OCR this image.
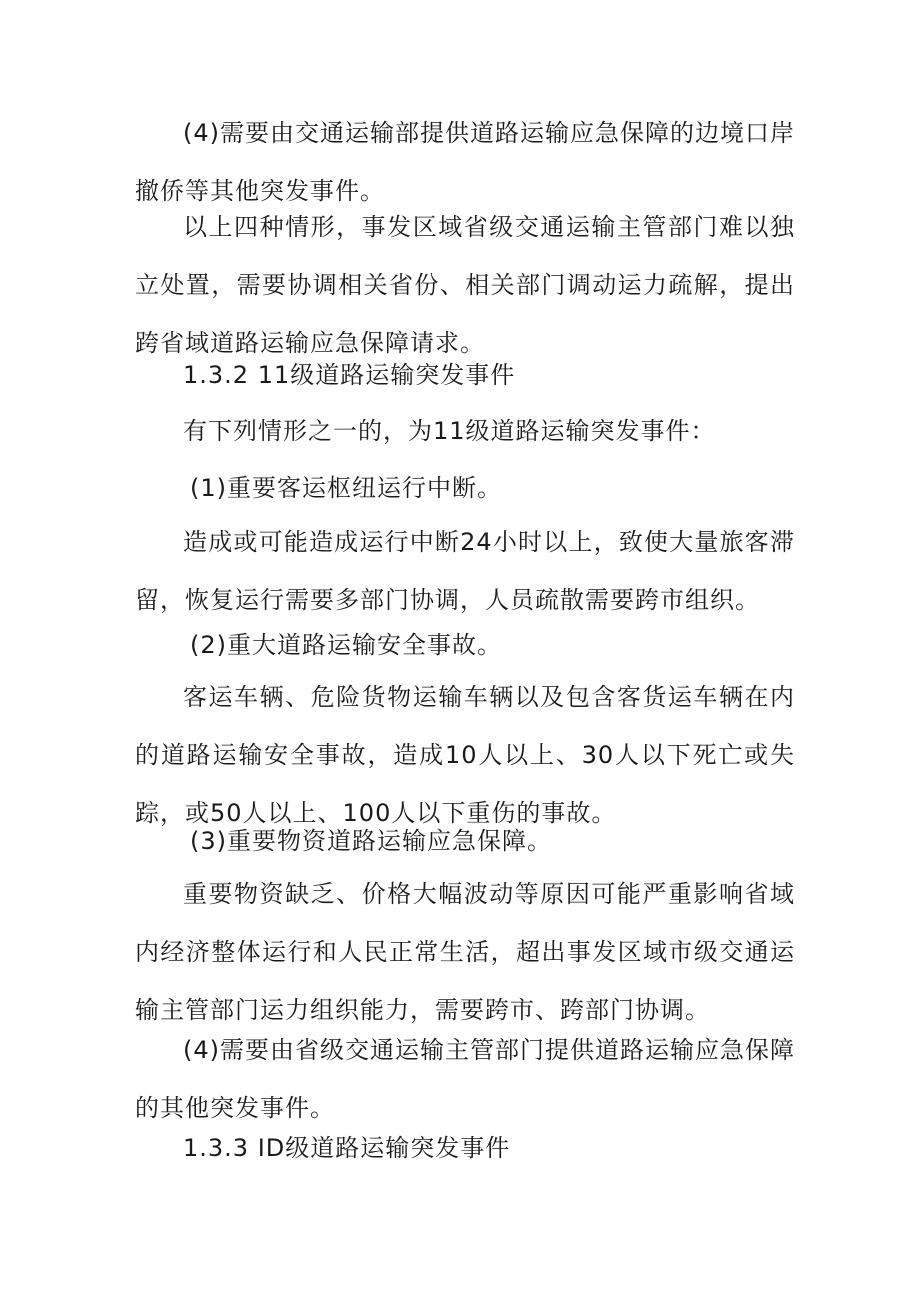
(4)需要由交通运输部提供道路运输应急保障的边境口岸撤侨等其他突发事件。
以上四种情形，事发区域省级交通运输主管部门难以独立处置，需要协调相关省份、相关部门调动运力疏解，提出跨省域道路运输应急保障请求。
1.3.2 11级道路运输突发事件
有下列情形之一的，为11级道路运输突发事件：
(1)重要客运枢纽运行中断。
造成或可能造成运行中断24小时以上，致使大量旅客滞留，恢复运行需要多部门协调，人员疏散需要跨市组织。
(2)重大道路运输安全事故。
客运车辆、危险货物运输车辆以及包含客货运车辆在内的道路运输安全事故，造成10人以上、30人以下死亡或失踪，或50人以上、100人以下重伤的事故。
(3)重要物资道路运输应急保障。
重要物资缺乏、价格大幅波动等原因可能严重影响省域内经济整体运行和人民正常生活，超出事发区域市级交通运输主管部门运力组织能力，需要跨市、跨部门协调。
(4)需要由省级交通运输主管部门提供道路运输应急保障的其他突发事件。
1.3.3 ID级道路运输突发事件
